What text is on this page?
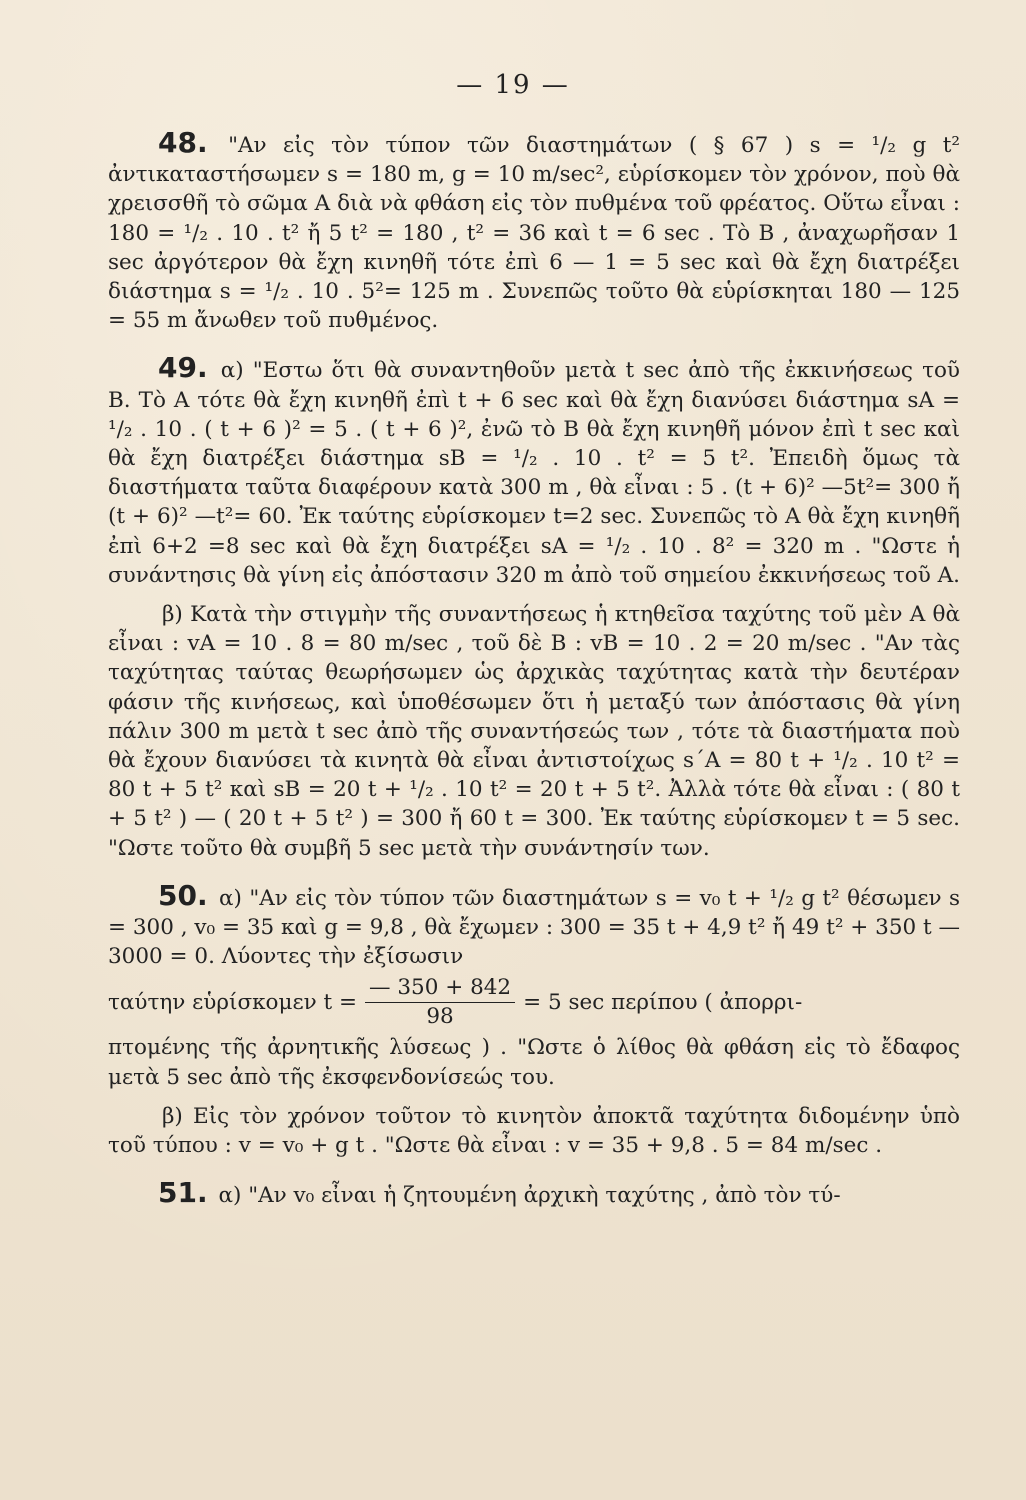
— 19 —

48. "Αν εἰς τὸν τύπον τῶν διαστημάτων ( § 67 ) s = ¹/₂ g t² ἀντικαταστήσωμεν s = 180 m, g = 10 m/sec², εὑρίσκομεν τὸν χρόνον, ποὺ θὰ χρεισσθῆ τὸ σῶμα Α διὰ νὰ φθάση εἰς τὸν πυθμένα τοῦ φρέατος. Οὕτω εἶναι : 180 = ¹/₂ . 10 . t² ἤ 5 t² = 180 , t² = 36 καὶ t = 6 sec . Τὸ Β , ἀναχωρῆσαν 1 sec ἀργότερον θὰ ἔχη κινηθῆ τότε ἐπὶ 6 — 1 = 5 sec καὶ θὰ ἔχη διατρέξει διάστημα s = ¹/₂ . 10 . 5²= 125 m . Συνεπῶς τοῦτο θὰ εὑρίσκηται 180 — 125 = 55 m ἄνωθεν τοῦ πυθμένος.

49. α) "Εστω ὅτι θὰ συναντηθοῦν μετὰ t sec ἀπὸ τῆς ἐκκινήσεως τοῦ Β. Τὸ Α τότε θὰ ἔχη κινηθῆ ἐπὶ t + 6 sec καὶ θὰ ἔχη διανύσει διάστημα sA = ¹/₂ . 10 . ( t + 6 )² = 5 . ( t + 6 )², ἐνῶ τὸ Β θὰ ἔχη κινηθῆ μόνον ἐπὶ t sec καὶ θὰ ἔχη διατρέξει διάστημα sB = ¹/₂ . 10 . t² = 5 t². Ἐπειδὴ ὅμως τὰ διαστήματα ταῦτα διαφέρουν κατὰ 300 m , θὰ εἶναι : 5 . (t + 6)² —5t²= 300 ἤ (t + 6)² —t²= 60. Ἐκ ταύτης εὑρίσκομεν t=2 sec. Συνεπῶς τὸ Α θὰ ἔχη κινηθῆ ἐπὶ 6+2 =8 sec καὶ θὰ ἔχη διατρέξει sA = ¹/₂ . 10 . 8² = 320 m . "Ωστε ἡ συνάντησις θὰ γίνη εἰς ἀπόστασιν 320 m ἀπὸ τοῦ σημείου ἐκκινήσεως τοῦ Α.

β) Κατὰ τὴν στιγμὴν τῆς συναντήσεως ἡ κτηθεῖσα ταχύτης τοῦ μὲν Α θὰ εἶναι : vA = 10 . 8 = 80 m/sec , τοῦ δὲ Β : vB = 10 . 2 = 20 m/sec . "Αν τὰς ταχύτητας ταύτας θεωρήσωμεν ὡς ἀρχικὰς ταχύτητας κατὰ τὴν δευτέραν φάσιν τῆς κινήσεως, καὶ ὑποθέσωμεν ὅτι ἡ μεταξύ των ἀπόστασις θὰ γίνη πάλιν 300 m μετὰ t sec ἀπὸ τῆς συναντήσεώς των , τότε τὰ διαστήματα ποὺ θὰ ἔχουν διανύσει τὰ κινητὰ θὰ εἶναι ἀντιστοίχως s΄A = 80 t + ¹/₂ . 10 t² = 80 t + 5 t² καὶ sB = 20 t + ¹/₂ . 10 t² = 20 t + 5 t². Ἀλλὰ τότε θὰ εἶναι : ( 80 t + 5 t² ) — ( 20 t + 5 t² ) = 300 ἤ 60 t = 300. Ἐκ ταύτης εὑρίσκομεν t = 5 sec. "Ωστε τοῦτο θὰ συμβῆ 5 sec μετὰ τὴν συνάντησίν των.

50. α) "Αν εἰς τὸν τύπον τῶν διαστημάτων s = v₀ t + ¹/₂ g t² θέσωμεν s = 300 , v₀ = 35 καὶ g = 9,8 , θὰ ἔχωμεν : 300 = 35 t + 4,9 t² ἤ 49 t² + 350 t — 3000 = 0. Λύοντες τὴν ἐξίσωσιν

ταύτην εὑρίσκομεν $t = \frac{— 350 + 842}{98} = 5$ sec περίπου ( ἀπορρι-

πτομένης τῆς ἀρνητικῆς λύσεως ) . "Ωστε ὁ λίθος θὰ φθάση εἰς τὸ ἔδαφος μετὰ 5 sec ἀπὸ τῆς ἐκσφενδονίσεώς του.

β) Εἰς τὸν χρόνον τοῦτον τὸ κινητὸν ἀποκτᾶ ταχύτητα διδομένην ὑπὸ τοῦ τύπου : v = v₀ + g t . "Ωστε θὰ εἶναι : v = 35 + 9,8 . 5 = 84 m/sec .

51. α) "Αν v₀ εἶναι ἡ ζητουμένη ἀρχικὴ ταχύτης , ἀπὸ τὸν τύ-
